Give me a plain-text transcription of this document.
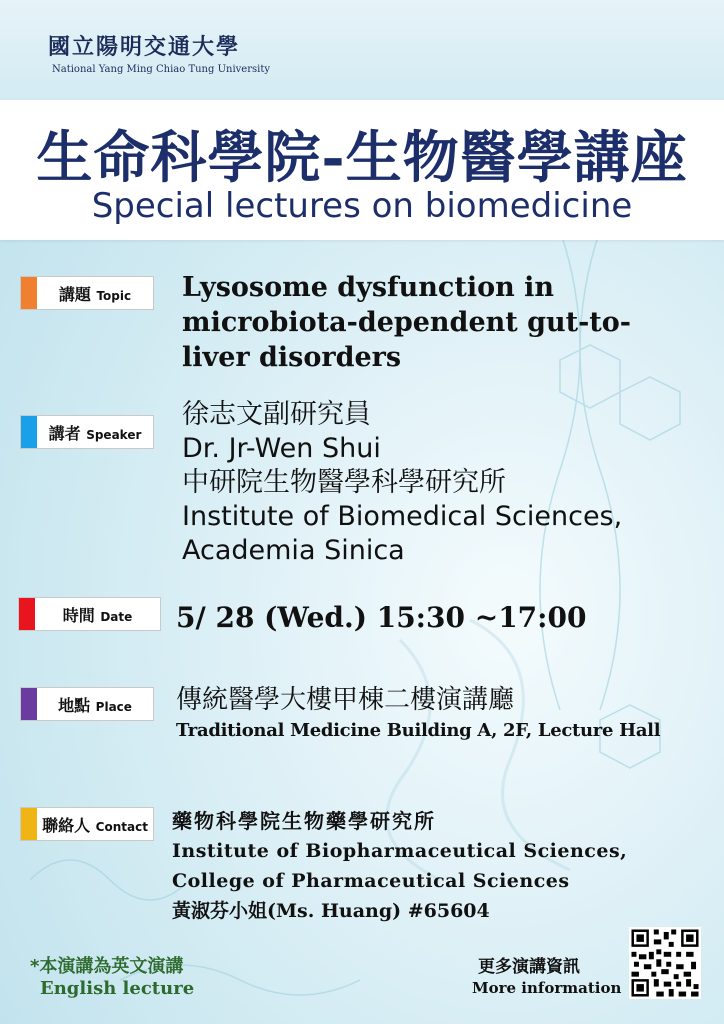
國立陽明交通大學
National Yang Ming Chiao Tung University
生命科學院-生物醫學講座
Special lectures on biomedicine
講題 Topic	Lysosome dysfunction in
microbiota-dependent gut-to-
liver disorders
講者 Speaker
徐志文副研究員
Dr. Jr-Wen Shui
中研院生物醫學科學研究所
Institute of Biomedical Sciences,
Academia Sinica
時間 Date	5/ 28 (Wed.) 15:30 ~17:00
地點 Place	傳統醫學大樓甲棟二樓演講廳
Traditional Medicine Building A, 2F, Lecture Hall
聯絡人 Contact 藥物科學院生物藥學研究所
Institute of Biopharmaceutical Sciences,
College of Pharmaceutical Sciences
黃淑芬小姐(Ms. Huang) #65604
*本演講為英文演講
English lecture
更多演講資訊
More information
